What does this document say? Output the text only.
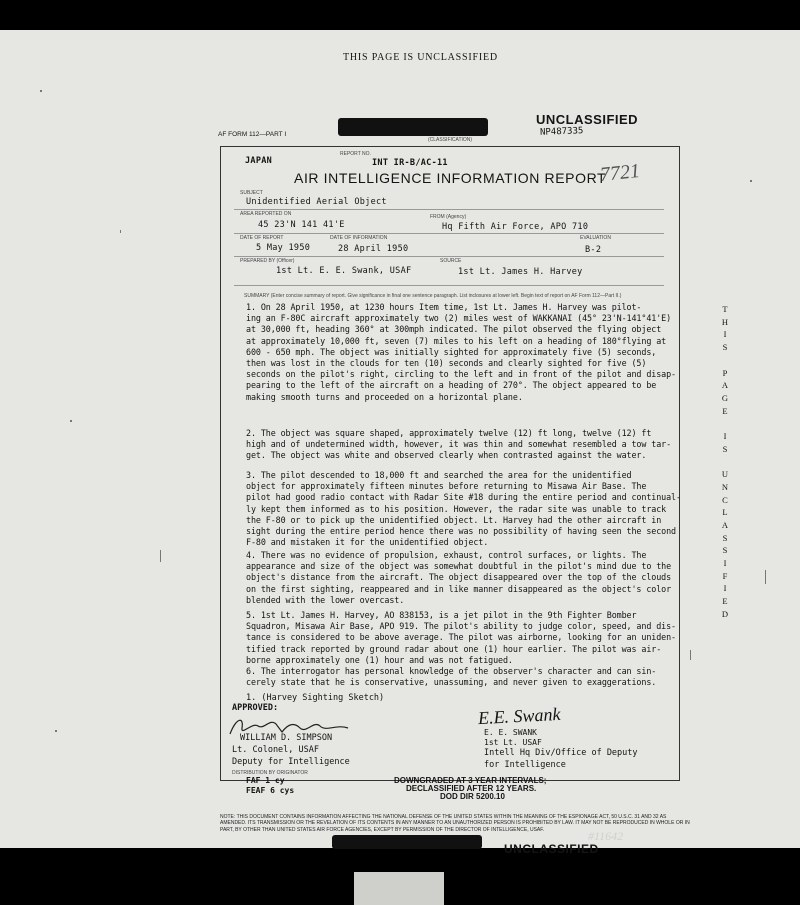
THIS PAGE IS UNCLASSIFIED
UNCLASSIFIED
NP487335
AF FORM 112—PART I
(CLASSIFICATION)
JAPAN
REPORT NO.
INT IR-B/AC-11
AIR INTELLIGENCE INFORMATION REPORT
7721
SUBJECT
Unidentified Aerial Object
AREA REPORTED ON
45 23'N 141 41'E
FROM (Agency)
Hq Fifth Air Force, APO 710
DATE OF REPORT
5 May 1950
DATE OF INFORMATION
28 April 1950
EVALUATION
B-2
PREPARED BY (Officer)
1st Lt. E. E. Swank, USAF
SOURCE
1st Lt. James H. Harvey
SUMMARY (Enter concise summary of report. Give significance in final one sentence paragraph. List inclosures at lower left. Begin text of report on AF Form 112—Part II.)
1. On 28 April 1950, at 1230 hours Item time, 1st Lt. James H. Harvey was pilot-
ing an F-80C aircraft approximately two (2) miles west of WAKKANAI (45° 23'N-141°41'E)
at 30,000 ft, heading 360° at 300mph indicated. The pilot observed the flying object
at approximately 10,000 ft, seven (7) miles to his left on a heading of 180°flying at
600 - 650 mph. The object was initially sighted for approximately five (5) seconds,
then was lost in the clouds for ten (10) seconds and clearly sighted for five (5)
seconds on the pilot's right, circling to the left and in front of the pilot and disap-
pearing to the left of the aircraft on a heading of 270°. The object appeared to be
making smooth turns and proceeded on a horizontal plane.
2. The object was square shaped, approximately twelve (12) ft long, twelve (12) ft
high and of undetermined width, however, it was thin and somewhat resembled a tow tar-
get. The object was white and observed clearly when contrasted against the water.
3. The pilot descended to 18,000 ft and searched the area for the unidentified
object for approximately fifteen minutes before returning to Misawa Air Base. The
pilot had good radio contact with Radar Site #18 during the entire period and continual-
ly kept them informed as to his position. However, the radar site was unable to track
the F-80 or to pick up the unidentified object. Lt. Harvey had the other aircraft in
sight during the entire period hence there was no possibility of having seen the second
F-80 and mistaken it for the unidentified object.
4. There was no evidence of propulsion, exhaust, control surfaces, or lights. The
appearance and size of the object was somewhat doubtful in the pilot's mind due to the
object's distance from the aircraft. The object disappeared over the top of the clouds
on the first sighting, reappeared and in like manner disappeared as the object's color
blended with the lower overcast.
5. 1st Lt. James H. Harvey, AO 838153, is a jet pilot in the 9th Fighter Bomber
Squadron, Misawa Air Base, APO 919. The pilot's ability to judge color, speed, and dis-
tance is considered to be above average. The pilot was airborne, looking for an uniden-
tified track reported by ground radar about one (1) hour earlier. The pilot was air-
borne approximately one (1) hour and was not fatigued.
6. The interrogator has personal knowledge of the observer's character and can sin-
cerely state that he is conservative, unassuming, and never given to exaggerations.
1. (Harvey Sighting Sketch)
APPROVED:
WILLIAM D. SIMPSON
Lt. Colonel, USAF
Deputy for Intelligence
DISTRIBUTION BY ORIGINATOR
FAF 1 cy
FEAF 6 cys
E.E. Swank
E. E. SWANK
1st Lt. USAF
Intell Hq Div/Office of Deputy
for Intelligence
DOWNGRADED AT 3 YEAR INTERVALS;
DECLASSIFIED AFTER 12 YEARS.
DOD DIR 5200.10
NOTE: THIS DOCUMENT CONTAINS INFORMATION AFFECTING THE NATIONAL DEFENSE OF THE UNITED STATES WITHIN THE MEANING OF THE ESPIONAGE ACT, 50 U.S.C. 31 AND 32 AS AMENDED. ITS TRANSMISSION OR THE REVELATION OF ITS CONTENTS IN ANY MANNER TO AN UNAUTHORIZED PERSON IS PROHIBITED BY LAW. IT MAY NOT BE REPRODUCED IN WHOLE OR IN PART, BY OTHER THAN UNITED STATES AIR FORCE AGENCIES, EXCEPT BY PERMISSION OF THE DIRECTOR OF INTELLIGENCE, USAF.
UNCLASSIFIED
T
H
I
S

P
A
G
E

I
S

U
N
C
L
A
S
S
I
F
I
E
D
#11642
